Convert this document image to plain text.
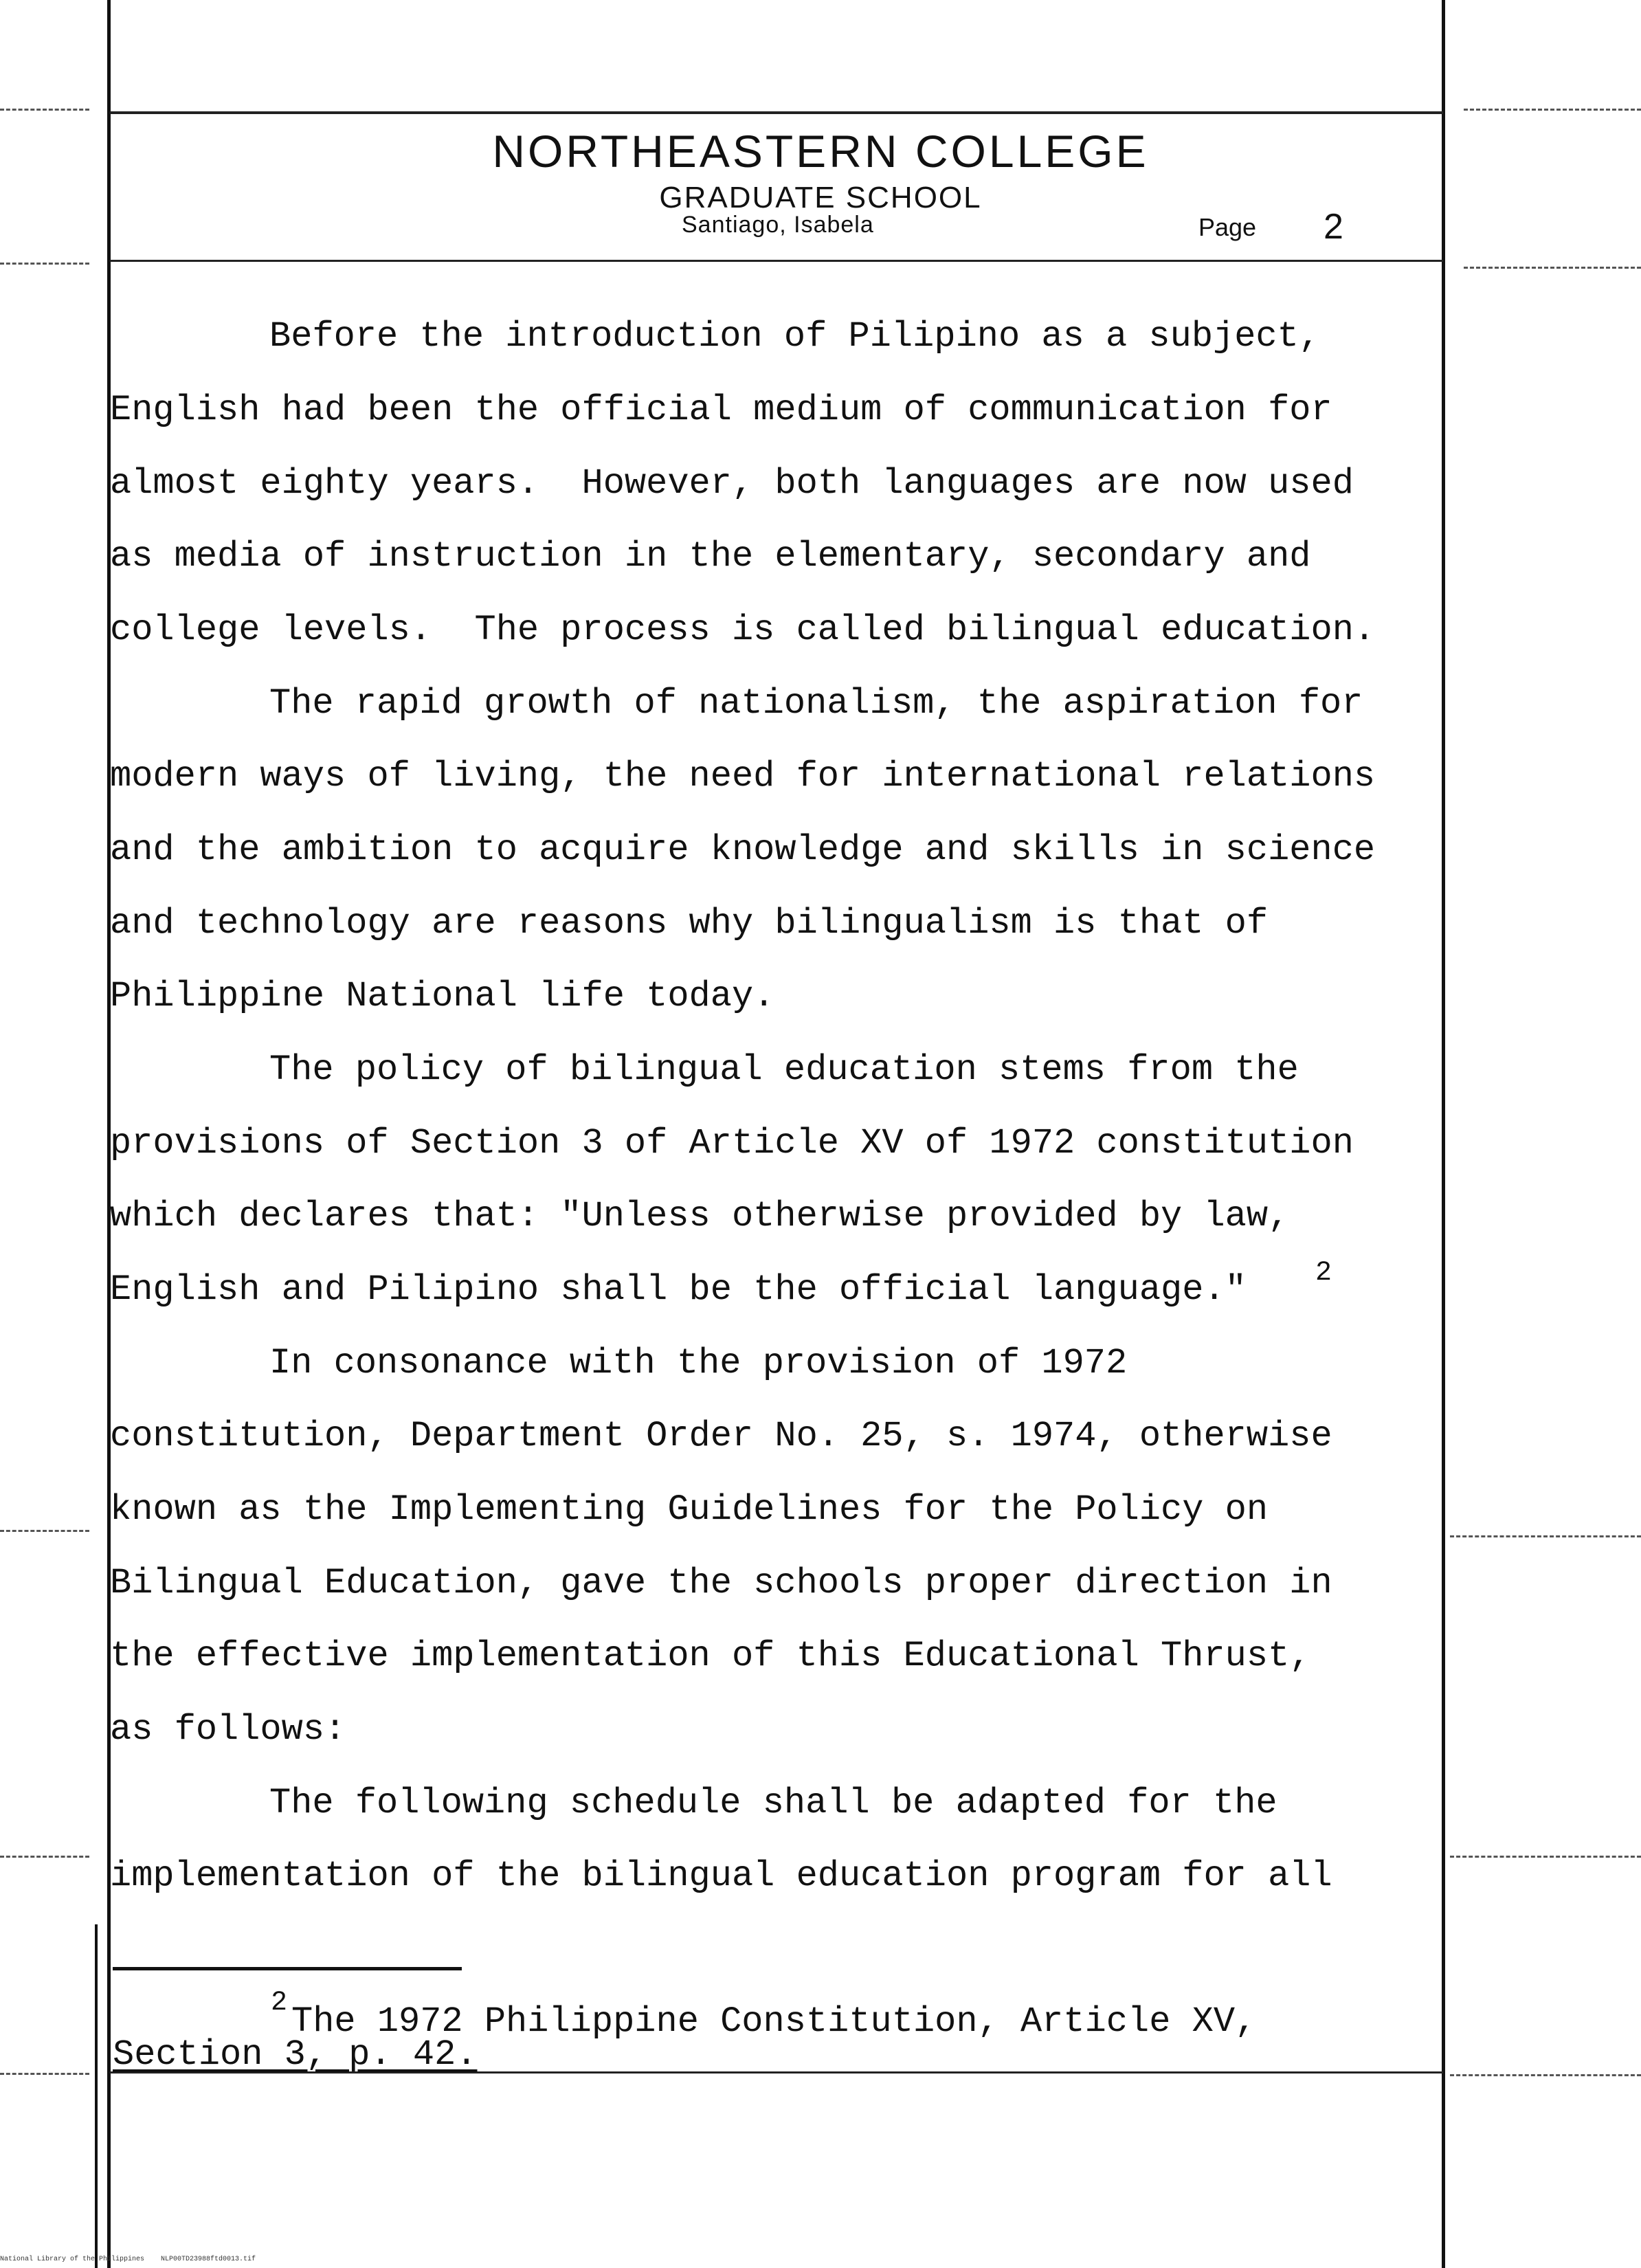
NORTHEASTERN COLLEGE
GRADUATE SCHOOL
Santiago, Isabela	Page 2
Before the introduction of Pilipino as a subject,
English had been the official medium of communication for
almost eighty years.  However, both languages are now used
as media of instruction in the elementary, secondary and
college levels.  The process is called bilingual education.
The rapid growth of nationalism, the aspiration for
modern ways of living, the need for international relations
and the ambition to acquire knowledge and skills in science
and technology are reasons why bilingualism is that of
Philippine National life today.
The policy of bilingual education stems from the
provisions of Section 3 of Article XV of 1972 constitution
which declares that: "Unless otherwise provided by law,
English and Pilipino shall be the official language."	2
In consonance with the provision of 1972
constitution, Department Order No. 25, s. 1974, otherwise
known as the Implementing Guidelines for the Policy on
Bilingual Education, gave the schools proper direction in
the effective implementation of this Educational Thrust,
as follows:
The following schedule shall be adapted for the
implementation of the bilingual education program for all
2 The 1972 Philippine Constitution, Article XV,
Section 3, p. 42.
National Library of the Philippines    NLP00TD23988ftd0013.tif
